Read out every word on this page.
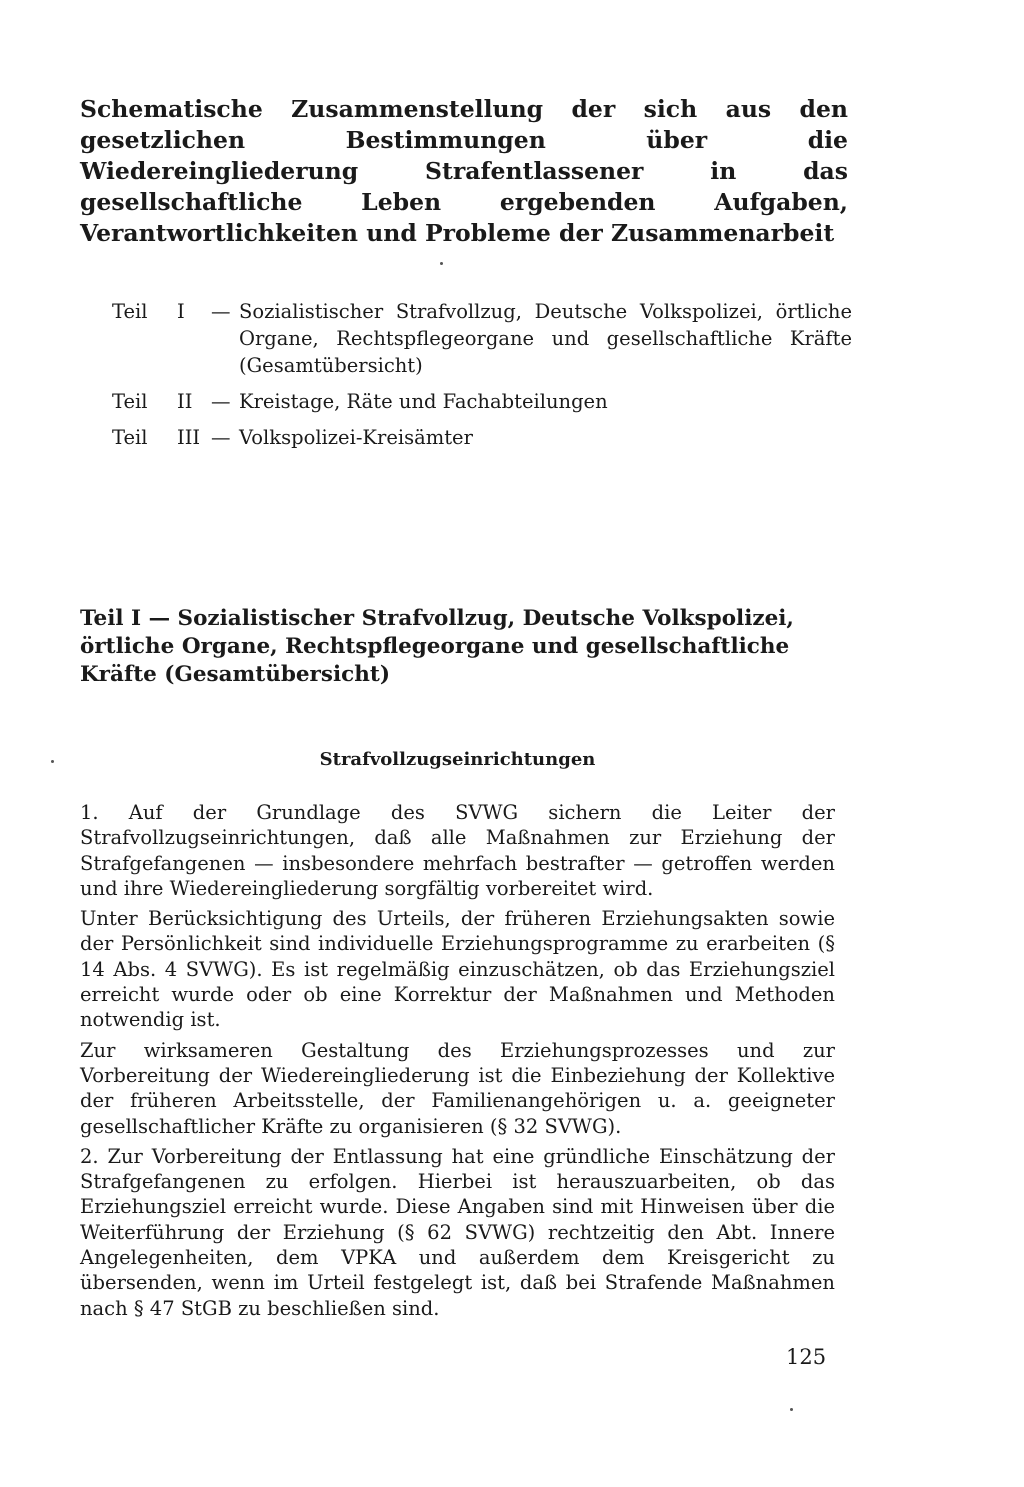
Schematische Zusammenstellung der sich aus den gesetzlichen Bestimmungen über die Wiedereingliederung Strafentlassener in das gesellschaftliche Leben ergebenden Aufgaben, Verantwortlichkeiten und Probleme der Zusammenarbeit
Teil	I	— Sozialistischer Strafvollzug, Deutsche Volkspolizei, örtliche Organe, Rechtspflegeorgane und gesellschaftliche Kräfte (Gesamtübersicht)
Teil	II — Kreistage, Räte und Fachabteilungen
Teil	III — Volkspolizei-Kreisämter
Teil I — Sozialistischer Strafvollzug, Deutsche Volkspolizei, örtliche Organe, Rechtspflegeorgane und gesellschaftliche Kräfte (Gesamtübersicht)
Strafvollzugseinrichtungen

1. Auf der Grundlage des SVWG sichern die Leiter der Strafvollzugseinrichtungen, daß alle Maßnahmen zur Erziehung der Strafgefangenen — insbesondere mehrfach bestrafter — getroffen werden und ihre Wiedereingliederung sorgfältig vorbereitet wird.

Unter Berücksichtigung des Urteils, der früheren Erziehungsakten sowie der Persönlichkeit sind individuelle Erziehungsprogramme zu erarbeiten (§ 14 Abs. 4 SVWG). Es ist regelmäßig einzuschätzen, ob das Erziehungsziel erreicht wurde oder ob eine Korrektur der Maßnahmen und Methoden notwendig ist.

Zur wirksameren Gestaltung des Erziehungsprozesses und zur Vorbereitung der Wiedereingliederung ist die Einbeziehung der Kollektive der früheren Arbeitsstelle, der Familienangehörigen u. a. geeigneter gesellschaftlicher Kräfte zu organisieren (§ 32 SVWG).

2. Zur Vorbereitung der Entlassung hat eine gründliche Einschätzung der Strafgefangenen zu erfolgen. Hierbei ist herauszuarbeiten, ob das Erziehungsziel erreicht wurde. Diese Angaben sind mit Hinweisen über die Weiterführung der Erziehung (§ 62 SVWG) rechtzeitig den Abt. Innere Angelegenheiten, dem VPKA und außerdem dem Kreisgericht zu übersenden, wenn im Urteil festgelegt ist, daß bei Strafende Maßnahmen nach § 47 StGB zu beschließen sind.

125
